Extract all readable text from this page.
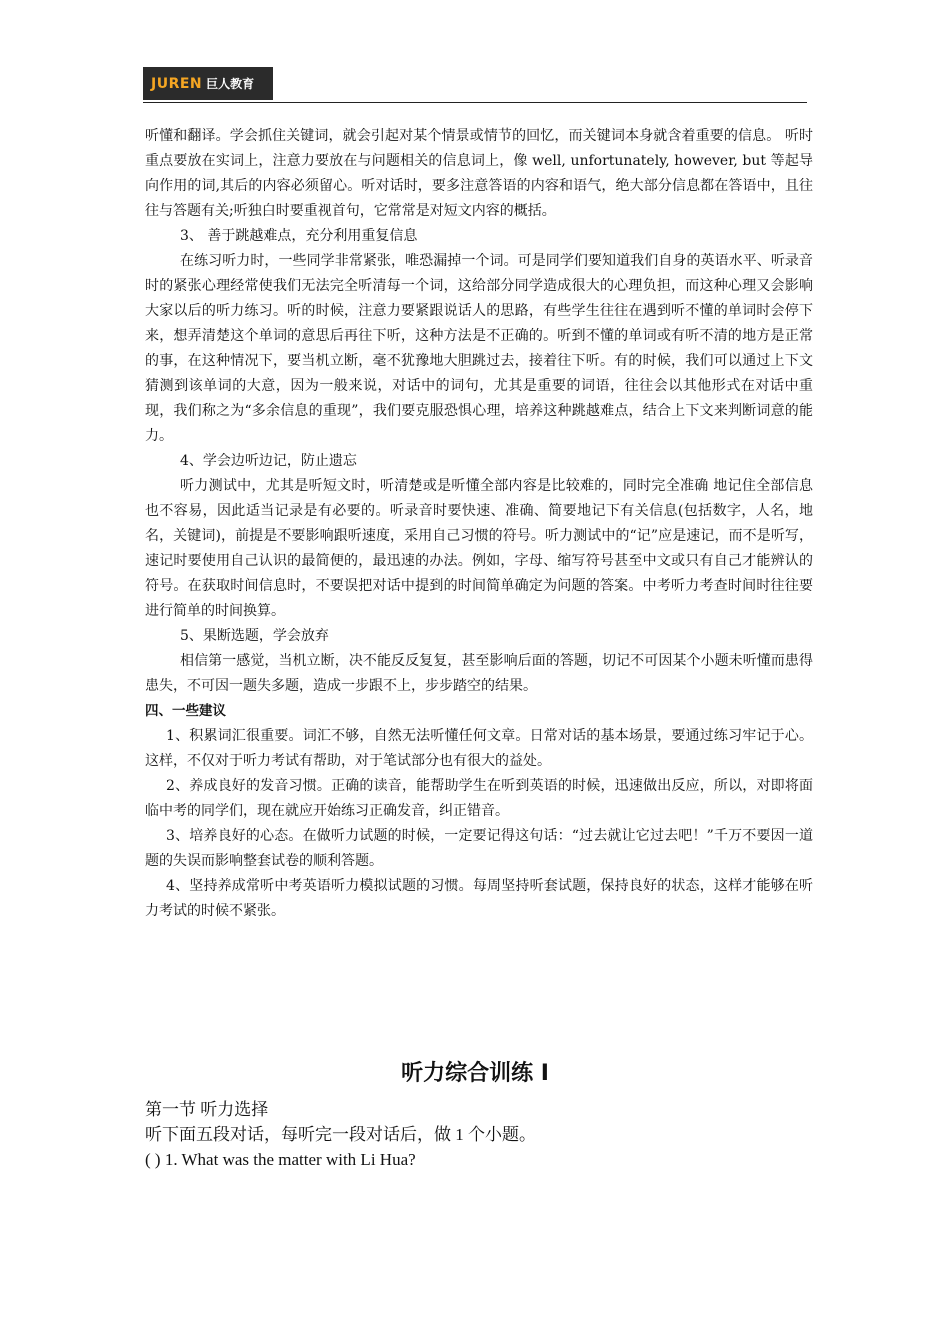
JUREN 巨人教育

听懂和翻译。学会抓住关键词，就会引起对某个情景或情节的回忆，而关键词本身就含着重要的信息。 听时重点要放在实词上，注意力要放在与问题相关的信息词上，像 well, unfortunately, however, but 等起导向作用的词,其后的内容必须留心。听对话时，要多注意答语的内容和语气，绝大部分信息都在答语中，且往往与答题有关;听独白时要重视首句，它常常是对短文内容的概括。

3、 善于跳越难点，充分利用重复信息

在练习听力时，一些同学非常紧张，唯恐漏掉一个词。可是同学们要知道我们自身的英语水平、听录音时的紧张心理经常使我们无法完全听清每一个词，这给部分同学造成很大的心理负担，而这种心理又会影响大家以后的听力练习。听的时候，注意力要紧跟说话人的思路，有些学生往往在遇到听不懂的单词时会停下来，想弄清楚这个单词的意思后再往下听，这种方法是不正确的。听到不懂的单词或有听不清的地方是正常的事，在这种情况下，要当机立断，毫不犹豫地大胆跳过去，接着往下听。有的时候，我们可以通过上下文猜测到该单词的大意，因为一般来说，对话中的词句，尤其是重要的词语，往往会以其他形式在对话中重现，我们称之为“多余信息的重现”，我们要克服恐惧心理，培养这种跳越难点，结合上下文来判断词意的能力。

4、学会边听边记，防止遗忘

听力测试中，尤其是听短文时，听清楚或是听懂全部内容是比较难的，同时完全准确 地记住全部信息也不容易，因此适当记录是有必要的。听录音时要快速、准确、简要地记下有关信息(包括数字，人名，地名，关键词)，前提是不要影响跟听速度，采用自己习惯的符号。听力测试中的“记”应是速记，而不是听写，速记时要使用自己认识的最简便的，最迅速的办法。例如，字母、缩写符号甚至中文或只有自己才能辨认的符号。在获取时间信息时，不要误把对话中提到的时间简单确定为问题的答案。中考听力考查时间时往往要进行简单的时间换算。

5、果断选题，学会放弃

相信第一感觉，当机立断，决不能反反复复，甚至影响后面的答题，切记不可因某个小题未听懂而患得患失，不可因一题失多题，造成一步跟不上，步步踏空的结果。

四、一些建议

1、积累词汇很重要。词汇不够，自然无法听懂任何文章。日常对话的基本场景，要通过练习牢记于心。这样，不仅对于听力考试有帮助，对于笔试部分也有很大的益处。

2、养成良好的发音习惯。正确的读音，能帮助学生在听到英语的时候，迅速做出反应，所以，对即将面临中考的同学们，现在就应开始练习正确发音，纠正错音。

3、培养良好的心态。在做听力试题的时候，一定要记得这句话：“过去就让它过去吧！”千万不要因一道题的失误而影响整套试卷的顺利答题。

4、坚持养成常听中考英语听力模拟试题的习惯。每周坚持听套试题，保持良好的状态，这样才能够在听力考试的时候不紧张。

听力综合训练 I

第一节 听力选择

听下面五段对话，每听完一段对话后，做 1 个小题。

( ) 1. What was the matter with Li Hua?
